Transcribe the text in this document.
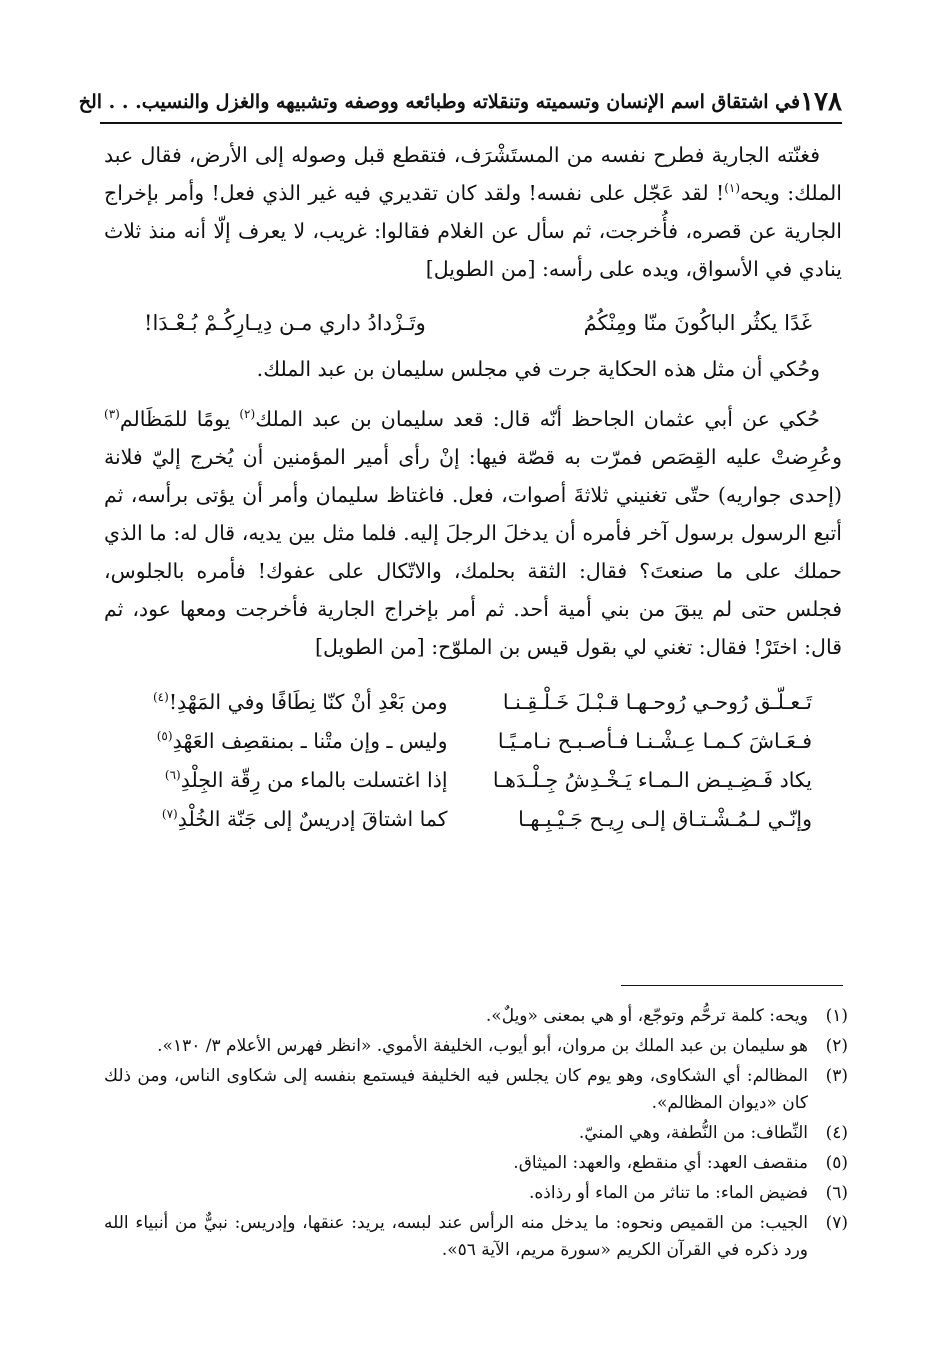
١٧٨
في اشتقاق اسم الإنسان وتسميته وتنقلاته وطبائعه ووصفه وتشبيهه والغزل والنسيب. . . الخ

فغنّته الجارية فطرح نفسه من المستَشْرَف، فتقطع قبل وصوله إلى الأرض، فقال عبد الملك: ويحه$^{(١)}$! لقد عَجّل على نفسه! ولقد كان تقديري فيه غير الذي فعل! وأمر بإخراج الجارية عن قصره، فأُخرجت، ثم سأل عن الغلام فقالوا: غريب، لا يعرف إلّا أنه منذ ثلاث ينادي في الأسواق، ويده على رأسه: [من الطويل]

غَدًا يكثُر الباكُونَ منّا ومِنْكُمُ
وتَـزْدادُ داري مـن دِيـارِكُـمْ بُـعْـدَا!

وحُكي أن مثل هذه الحكاية جرت في مجلس سليمان بن عبد الملك.

حُكي عن أبي عثمان الجاحظ أنّه قال: قعد سليمان بن عبد الملك$^{(٢)}$ يومًا للمَظَالم$^{(٣)}$ وعُرِضتْ عليه القِصَص فمرّت به قصّة فيها: إنْ رأى أمير المؤمنين أن يُخرج إليّ فلانة (إحدى جواريه) حتّى تغنيني ثلاثةَ أصوات، فعل. فاغتاظ سليمان وأمر أن يؤتى برأسه، ثم أتبع الرسول برسول آخر فأمره أن يدخلَ الرجلَ إليه. فلما مثل بين يديه، قال له: ما الذي حملك على ما صنعتَ؟ فقال: الثقة بحلمك، والاتّكال على عفوك! فأمره بالجلوس، فجلس حتى لم يبقَ من بني أمية أحد. ثم أمر بإخراج الجارية فأخرجت ومعها عود، ثم قال: اختَرْ! فقال: تغني لي بقول قيس بن الملوّح: [من الطويل]

تَـعـلّـق رُوحـي رُوحـهـا قـبْـلَ خَـلْـقِـنـا
ومن بَعْدِ أنْ كنّا نِطَافًا وفي المَهْدِ!$^{(٤)}$
فـعَـاشَ كـمـا عِـشْـنـا فـأصـبـح نـامـيًـا
وليس ـ وإن متْنا ـ بمنقصِف العَهْدِ$^{(٥)}$
يكاد فَـضِـيـض الـمـاء يَـخْـدِشُ جِـلْـدَهـا
إذا اغتسلت بالماء من رِقّة الجِلْدِ$^{(٦)}$
وإنّـي لـمُـشْـتـاق إلـى رِيـح جَـيْـبِـهـا
كما اشتاقَ إدريسٌ إلى جَنّة الخُلْدِ$^{(٧)}$
(١)
ويحه: كلمة ترحُّم وتوجّع، أو هي بمعنى «ويلٌ».
(٢)
هو سليمان بن عبد الملك بن مروان، أبو أيوب، الخليفة الأموي. «انظر فهرس الأعلام ٣/ ١٣٠».
(٣)
المظالم: أي الشكاوى، وهو يوم كان يجلس فيه الخليفة فيستمع بنفسه إلى شكاوى الناس، ومن ذلك كان «ديوان المظالم».
(٤)
النِّطاف: من النُّطفة، وهي المنيّ.
(٥)
منقصف العهد: أي منقطع، والعهد: الميثاق.
(٦)
فضيض الماء: ما تناثر من الماء أو رذاذه.
(٧)
الجيب: من القميص ونحوه: ما يدخل منه الرأس عند لبسه، يريد: عنقها، وإدريس: نبيٌّ من أنبياء الله ورد ذكره في القرآن الكريم «سورة مريم، الآية ٥٦».
